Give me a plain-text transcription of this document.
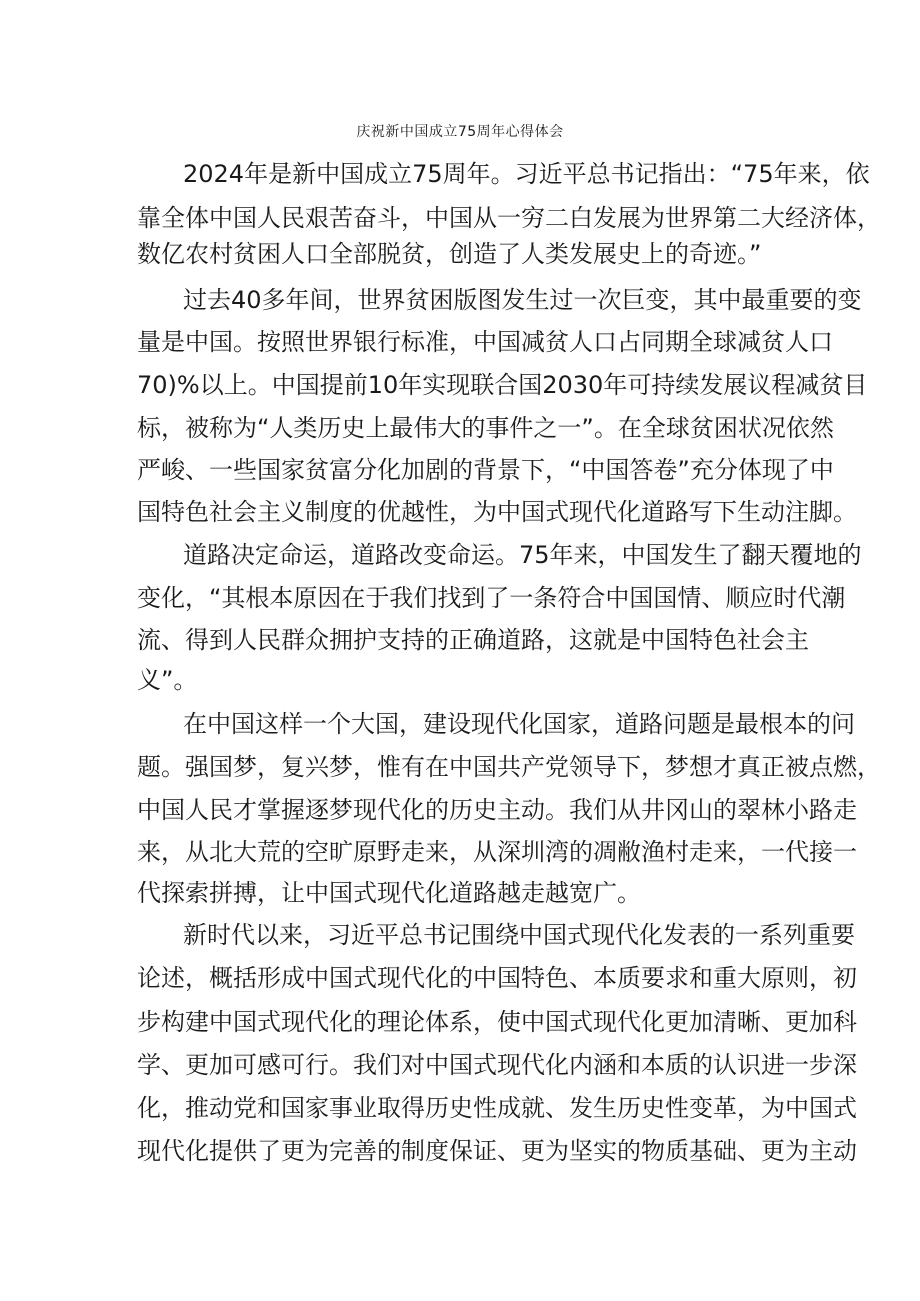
庆祝新中国成立75周年心得体会
2024年是新中国成立75周年。习近平总书记指出：“75年来，依
靠全体中国人民艰苦奋斗，中国从一穷二白发展为世界第二大经济体，
数亿农村贫困人口全部脱贫，创造了人类发展史上的奇迹。”
过去40多年间，世界贫困版图发生过一次巨变，其中最重要的变
量是中国。按照世界银行标准，中国减贫人口占同期全球减贫人口
70)%以上。中国提前10年实现联合国2030年可持续发展议程减贫目
标，被称为“人类历史上最伟大的事件之一”。在全球贫困状况依然
严峻、一些国家贫富分化加剧的背景下，“中国答卷”充分体现了中
国特色社会主义制度的优越性，为中国式现代化道路写下生动注脚。
道路决定命运，道路改变命运。75年来，中国发生了翻天覆地的
变化，“其根本原因在于我们找到了一条符合中国国情、顺应时代潮
流、得到人民群众拥护支持的正确道路，这就是中国特色社会主
义”。
在中国这样一个大国，建设现代化国家，道路问题是最根本的问
题。强国梦，复兴梦，惟有在中国共产党领导下，梦想才真正被点燃，
中国人民才掌握逐梦现代化的历史主动。我们从井冈山的翠林小路走
来，从北大荒的空旷原野走来，从深圳湾的凋敝渔村走来，一代接一
代探索拼搏，让中国式现代化道路越走越宽广。
新时代以来，习近平总书记围绕中国式现代化发表的一系列重要
论述，概括形成中国式现代化的中国特色、本质要求和重大原则，初
步构建中国式现代化的理论体系，使中国式现代化更加清晰、更加科
学、更加可感可行。我们对中国式现代化内涵和本质的认识进一步深
化，推动党和国家事业取得历史性成就、发生历史性变革，为中国式
现代化提供了更为完善的制度保证、更为坚实的物质基础、更为主动
